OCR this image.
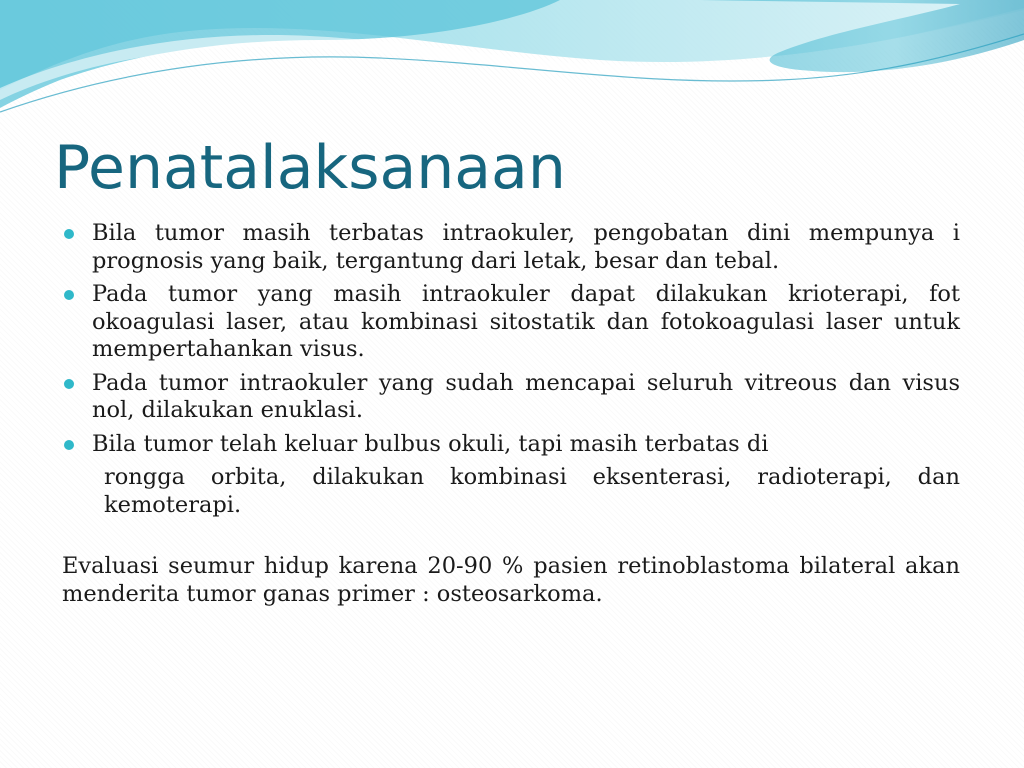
Penatalaksanaan
Bila tumor masih terbatas intraokuler, pengobatan dini mempunya i prognosis yang baik, tergantung dari letak, besar dan tebal.
Pada tumor yang masih intraokuler dapat dilakukan krioterapi, fot okoagulasi laser, atau kombinasi sitostatik dan fotokoagulasi laser untuk mempertahankan visus.
Pada tumor intraokuler yang sudah mencapai seluruh vitreous dan visus nol, dilakukan enuklasi.
Bila tumor telah keluar bulbus okuli, tapi masih terbatas di
rongga orbita, dilakukan kombinasi eksenterasi, radioterapi, dan kemoterapi.

Evaluasi seumur hidup karena 20-90 % pasien retinoblastoma bilateral akan menderita tumor ganas primer : osteosarkoma.
